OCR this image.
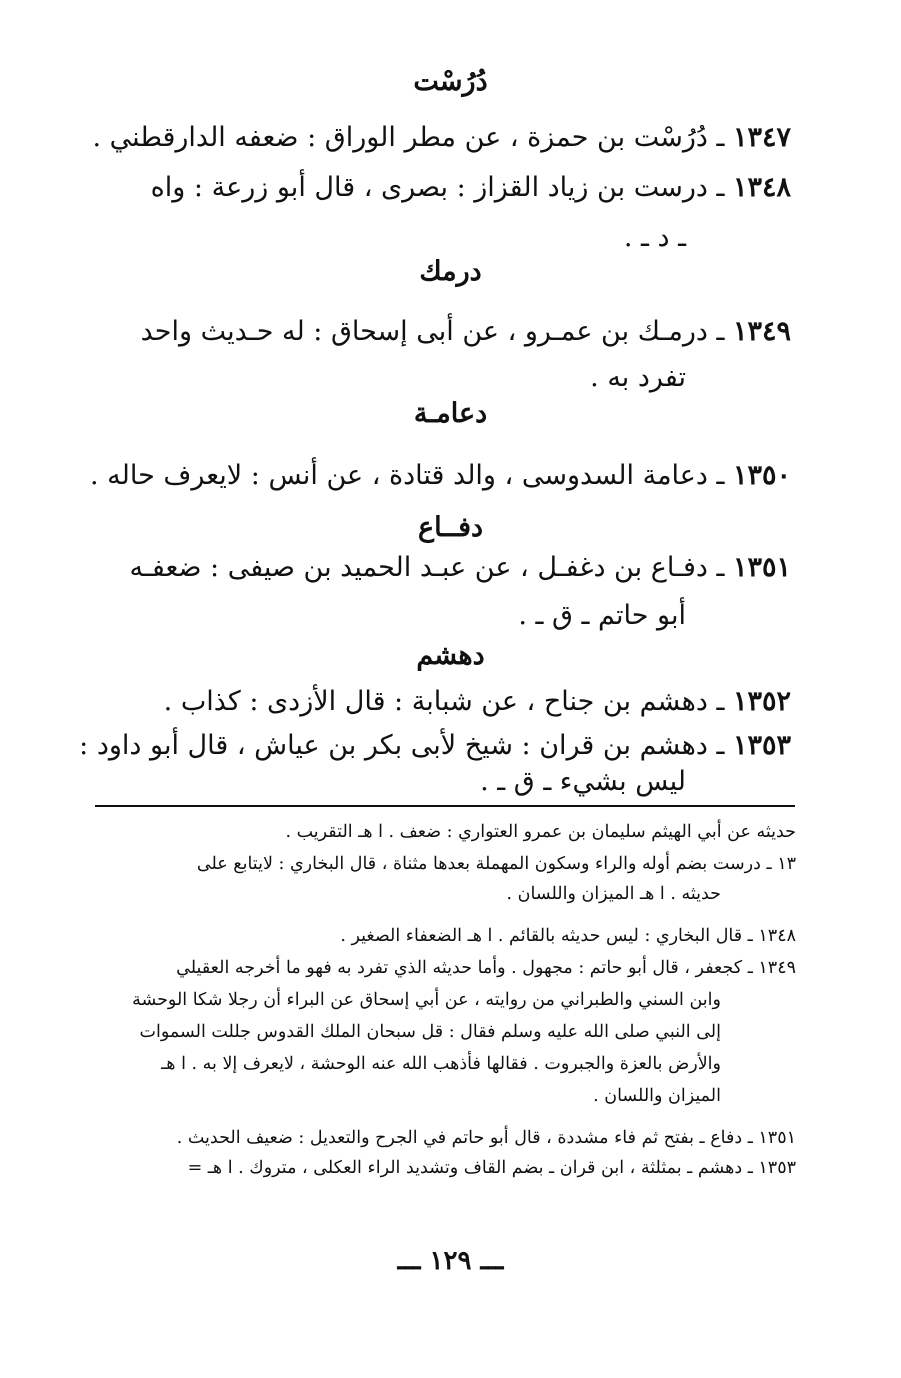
دُرُسْت
١٣٤٧ ـ دُرُسْت بن حمزة ، عن مطر الوراق : ضعفه الدارقطني .
١٣٤٨ ـ درست بن زياد القزاز : بصرى ، قال أبو زرعة : واه
ـ د ـ .
درمك
١٣٤٩ ـ درمـك بن عمـرو ، عن أبى إسحاق : له حـديث واحد
تفرد به .
دعامـة
١٣٥٠ ـ دعامة السدوسى ، والد قتادة ، عن أنس : لايعرف حاله .
دفــاع
١٣٥١ ـ دفـاع بن دغفـل ، عن عبـد الحميد بن صيفى : ضعفـه
أبو حاتم ـ ق ـ .
دهشم
١٣٥٢ ـ دهشم بن جناح ، عن شبابة : قال الأزدى : كذاب .
١٣٥٣ ـ دهشم بن قران : شيخ لأبى بكر بن عياش ، قال أبو داود :
ليس بشيء ـ ق ـ .
حديثه عن أبي الهيثم سليمان بن عمرو العتواري : ضعف . ا هـ التقريب .
١٣ ـ درست بضم أوله والراء وسكون المهملة بعدها مثناة ، قال البخاري : لايتابع على
حديثه . ا هـ الميزان واللسان .
١٣٤٨ ـ قال البخاري : ليس حديثه بالقائم . ا هـ الضعفاء الصغير .
١٣٤٩ ـ كجعفر ، قال أبو حاتم : مجهول . وأما حديثه الذي تفرد به فهو ما أخرجه العقيلي
وابن السني والطبراني من روايته ، عن أبي إسحاق عن البراء أن رجلا شكا الوحشة
إلى النبي صلى الله عليه وسلم فقال : قل سبحان الملك القدوس جللت السموات
والأرض بالعزة والجبروت . فقالها فأذهب الله عنه الوحشة ، لايعرف إلا به . ا هـ
الميزان واللسان .
١٣٥١ ـ دفاع ـ بفتح ثم فاء مشددة ، قال أبو حاتم في الجرح والتعديل : ضعيف الحديث .
١٣٥٣ ـ دهشم ـ بمثلثة ، ابن قران ـ بضم القاف وتشديد الراء العكلى ، متروك . ا هـ =
ـــ ١٢٩ ـــ
